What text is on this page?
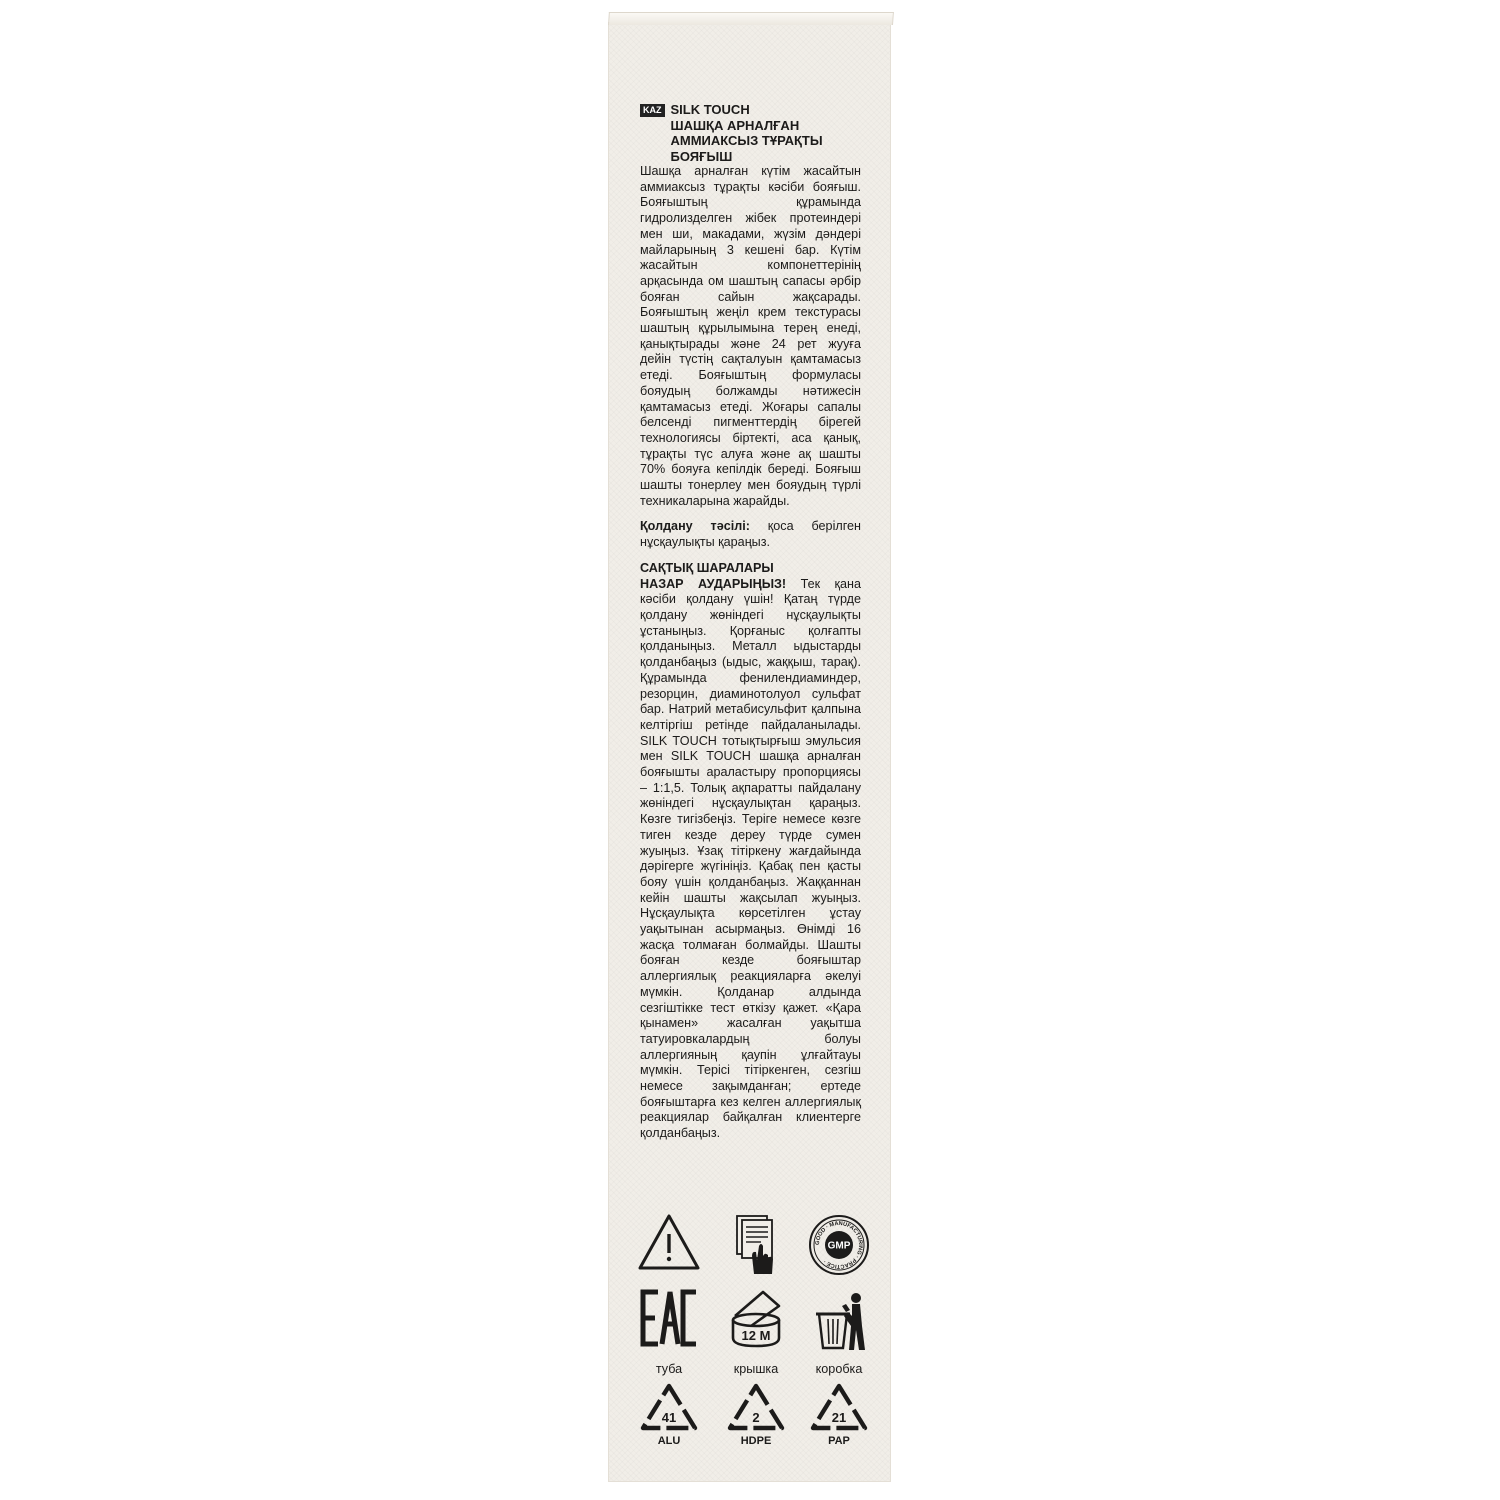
KAZ SILK TOUCH
ШАШҚА АРНАЛҒАН
АММИАКСЫЗ ТҰРАҚТЫ
БОЯҒЫШ

Шашқа арналған күтім жасайтын аммиаксыз тұрақты кәсіби бояғыш. Бояғыштың құрамында гидролизделген жібек протеиндері мен ши, макадами, жүзім дәндері майларының 3 кешені бар. Күтім жасайтын компонеттерінің арқасында ом шаштың сапасы әрбір бояған сайын жақсарады. Бояғыштың жеңіл крем текстурасы шаштың құрылымына терең енеді, қанықтырады және 24 рет жууға дейін түстің сақталуын қамтамасыз етеді. Бояғыштың формуласы бояудың болжамды нәтижесін қамтамасыз етеді. Жоғары сапалы белсенді пигменттердің бірегей технологиясы біртекті, аса қанық, тұрақты түс алуға және ақ шашты 70% бояуға кепілдік береді. Бояғыш шашты тонерлеу мен бояудың түрлі техникаларына жарайды.

Қолдану тәсілі: қоса берілген нұсқаулықты қараңыз.

САҚТЫҚ ШАРАЛАРЫ

НАЗАР АУДАРЫҢЫЗ! Тек қана кәсіби қолдану үшін! Қатаң түрде қолдану жөніндегі нұсқаулықты ұстаныңыз. Қорғаныс қолғапты қолданыңыз. Металл ыдыстарды қолданбаңыз (ыдыс, жаққыш, тарақ). Құрамында фенилендиаминдер, резорцин, диаминотолуол сульфат бар. Натрий метабисульфит қалпына келтіргіш ретінде пайдаланылады. SILK TOUCH тотықтырғыш эмульсия мен SILK TOUCH шашқа арналған бояғышты араластыру пропорциясы – 1:1,5. Толық ақпаратты пайдалану жөніндегі нұсқаулықтан қараңыз. Көзге тигізбеңіз. Теріге немесе көзге тиген кезде дереу түрде сумен жуыңыз. Ұзақ тітіркену жағдайында дәрігерге жүгініңіз. Қабақ пен қасты бояу үшін қолданбаңыз. Жаққаннан кейін шашты жақсылап жуыңыз. Нұсқаулықта көрсетілген ұстау уақытынан асырмаңыз. Өнімді 16 жасқа толмаған болмайды. Шашты бояған кезде бояғыштар аллергиялық реакцияларға әкелуі мүмкін. Қолданар алдында сезгіштікке тест өткізу қажет. «Қара қынамен» жасалған уақытша татуировкалардың болуы аллергияның қаупін ұлғайтауы мүмкін. Терісі тітіркенген, сезгіш немесе зақымданған; ертеде бояғыштарға кез келген аллергиялық реакциялар байқалған клиентерге қолданбаңыз.

GOOD · MANUFACTURING · PRACTICE ·
GMP
12 M
туба	крышка	коробка
41
ALU
2
HDPE
21
PAP
